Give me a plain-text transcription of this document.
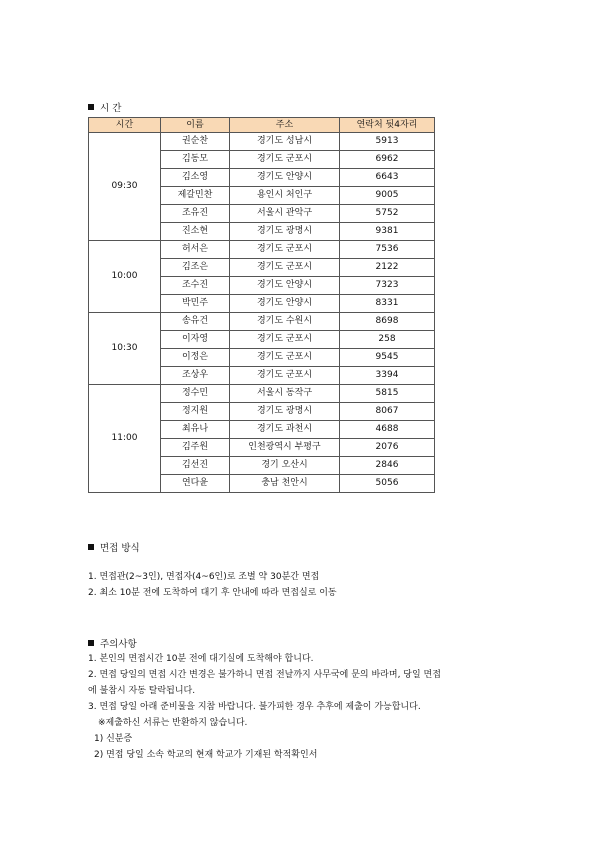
시 간
시간	이름	주소	연락처 뒷4자리
09:30	권순찬	경기도 성남시	5913
	김동모	경기도 군포시	6962
	김소영	경기도 안양시	6643
	제갈민찬	용인시 처인구	9005
	조유진	서울시 관악구	5752
	진소현	경기도 광명시	9381
10:00	허서은	경기도 군포시	7536
	김조은	경기도 군포시	2122
	조수진	경기도 안양시	7323
	박민주	경기도 안양시	8331
10:30	송유건	경기도 수원시	8698
	이자영	경기도 군포시	258
	이정은	경기도 군포시	9545
	조상우	경기도 군포시	3394
11:00	정수민	서울시 동작구	5815
	정지원	경기도 광명시	8067
	최유나	경기도 과천시	4688
	김주원	인천광역시 부평구	2076
	김선진	경기 오산시	2846
	연다윤	충남 천안시	5056
면접 방식
1. 면접관(2~3인), 면접자(4~6인)로 조별 약 30분간 면접
2. 최소 10분 전에 도착하여 대기 후 안내에 따라 면접실로 이동
주의사항
1. 본인의 면접시간 10분 전에 대기실에 도착해야 합니다.
2. 면접 당일의 면접 시간 변경은 불가하니 면접 전날까지 사무국에 문의 바라며, 당일 면접
에 불참시 자동 탈락됩니다.
3. 면접 당일 아래 준비물을 지참 바랍니다. 불가피한 경우 추후에 제출이 가능합니다.
※제출하신 서류는 반환하지 않습니다.
1) 신분증
2) 면접 당일 소속 학교의 현재 학교가 기재된 학적확인서
